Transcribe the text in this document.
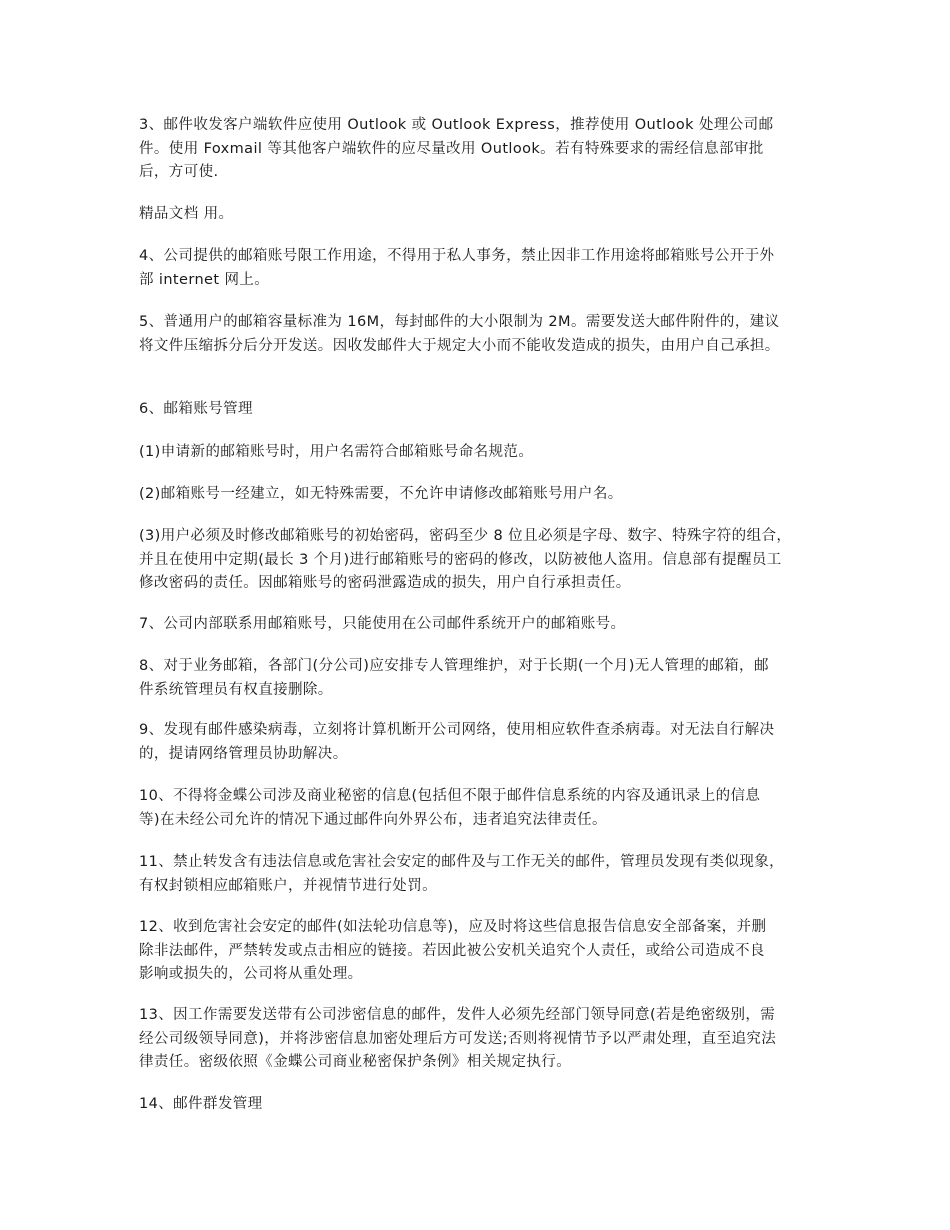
3、邮件收发客户端软件应使用 Outlook 或 Outlook Express，推荐使用 Outlook 处理公司邮
件。使用 Foxmail 等其他客户端软件的应尽量改用 Outlook。若有特殊要求的需经信息部审批
后，方可使.

精品文档 用。

4、公司提供的邮箱账号限工作用途，不得用于私人事务，禁止因非工作用途将邮箱账号公开于外
部 internet 网上。

5、普通用户的邮箱容量标准为 16M，每封邮件的大小限制为 2M。需要发送大邮件附件的，建议
将文件压缩拆分后分开发送。因收发邮件大于规定大小而不能收发造成的损失，由用户自己承担。

6、邮箱账号管理

(1)申请新的邮箱账号时，用户名需符合邮箱账号命名规范。

(2)邮箱账号一经建立，如无特殊需要，不允许申请修改邮箱账号用户名。

(3)用户必须及时修改邮箱账号的初始密码，密码至少 8 位且必须是字母、数字、特殊字符的组合，
并且在使用中定期(最长 3 个月)进行邮箱账号的密码的修改，以防被他人盗用。信息部有提醒员工
修改密码的责任。因邮箱账号的密码泄露造成的损失，用户自行承担责任。

7、公司内部联系用邮箱账号，只能使用在公司邮件系统开户的邮箱账号。

8、对于业务邮箱，各部门(分公司)应安排专人管理维护，对于长期(一个月)无人管理的邮箱，邮
件系统管理员有权直接删除。

9、发现有邮件感染病毒，立刻将计算机断开公司网络，使用相应软件查杀病毒。对无法自行解决
的，提请网络管理员协助解决。

10、不得将金蝶公司涉及商业秘密的信息(包括但不限于邮件信息系统的内容及通讯录上的信息
等)在未经公司允许的情况下通过邮件向外界公布，违者追究法律责任。

11、禁止转发含有违法信息或危害社会安定的邮件及与工作无关的邮件，管理员发现有类似现象，
有权封锁相应邮箱账户，并视情节进行处罚。

12、收到危害社会安定的邮件(如法轮功信息等)，应及时将这些信息报告信息安全部备案，并删
除非法邮件，严禁转发或点击相应的链接。若因此被公安机关追究个人责任，或给公司造成不良
影响或损失的，公司将从重处理。

13、因工作需要发送带有公司涉密信息的邮件，发件人必须先经部门领导同意(若是绝密级别，需
经公司级领导同意)，并将涉密信息加密处理后方可发送;否则将视情节予以严肃处理，直至追究法
律责任。密级依照《金蝶公司商业秘密保护条例》相关规定执行。

14、邮件群发管理
